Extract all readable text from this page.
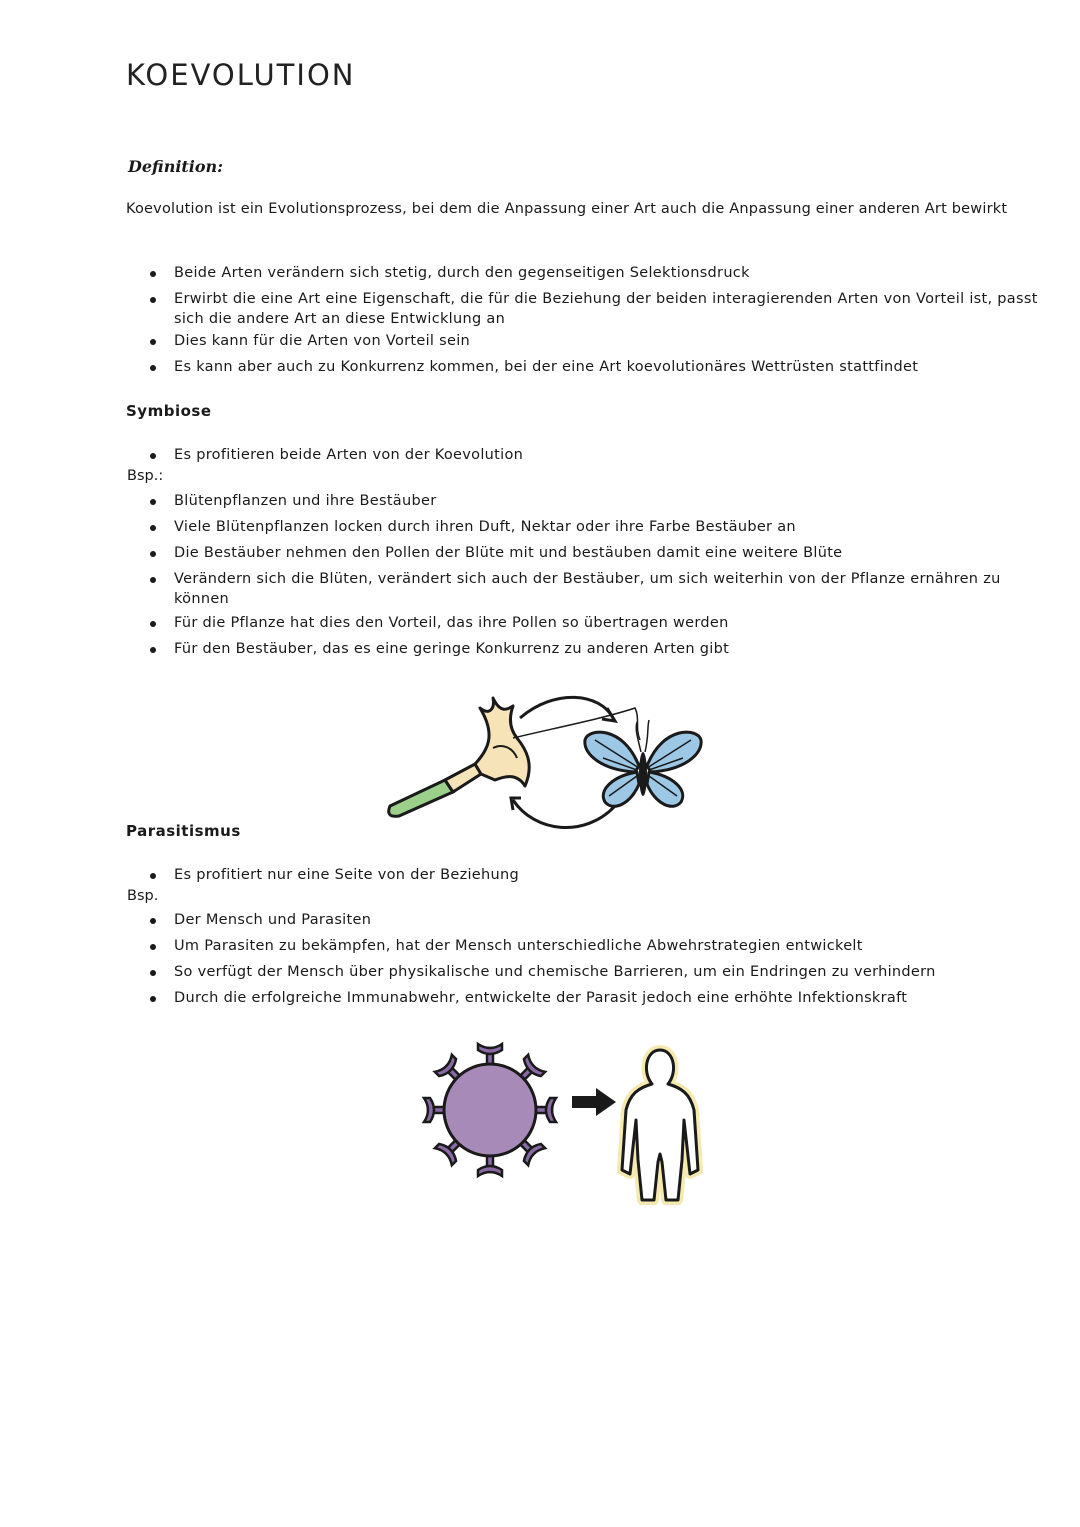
KOEVOLUTION
Definition:
Koevolution ist ein Evolutionsprozess, bei dem die Anpassung einer Art auch die Anpassung einer anderen Art bewirkt
Beide Arten verändern sich stetig, durch den gegenseitigen Selektionsdruck
Erwirbt die eine Art eine Eigenschaft, die für die Beziehung der beiden interagierenden Arten von Vorteil ist, passt sich die andere Art an diese Entwicklung an
Dies kann für die Arten von Vorteil sein
Es kann aber auch zu Konkurrenz kommen, bei der eine Art koevolutionäres Wettrüsten stattfindet
Symbiose
Es profitieren beide Arten von der Koevolution
Bsp.:
Blütenpflanzen und ihre Bestäuber
Viele Blütenpflanzen locken durch ihren Duft, Nektar oder ihre Farbe Bestäuber an
Die Bestäuber nehmen den Pollen der Blüte mit und bestäuben damit eine weitere Blüte
Verändern sich die Blüten, verändert sich auch der Bestäuber, um sich weiterhin von der Pflanze ernähren zu können
Für die Pflanze hat dies den Vorteil, das ihre Pollen so übertragen werden
Für den Bestäuber, das es eine geringe Konkurrenz zu anderen Arten gibt
Parasitismus
Es profitiert nur eine Seite von der Beziehung
Bsp.
Der Mensch und Parasiten
Um Parasiten zu bekämpfen, hat der Mensch unterschiedliche Abwehrstrategien entwickelt
So verfügt der Mensch über physikalische und chemische Barrieren, um ein Endringen zu verhindern
Durch die erfolgreiche Immunabwehr, entwickelte der Parasit jedoch eine erhöhte Infektionskraft
